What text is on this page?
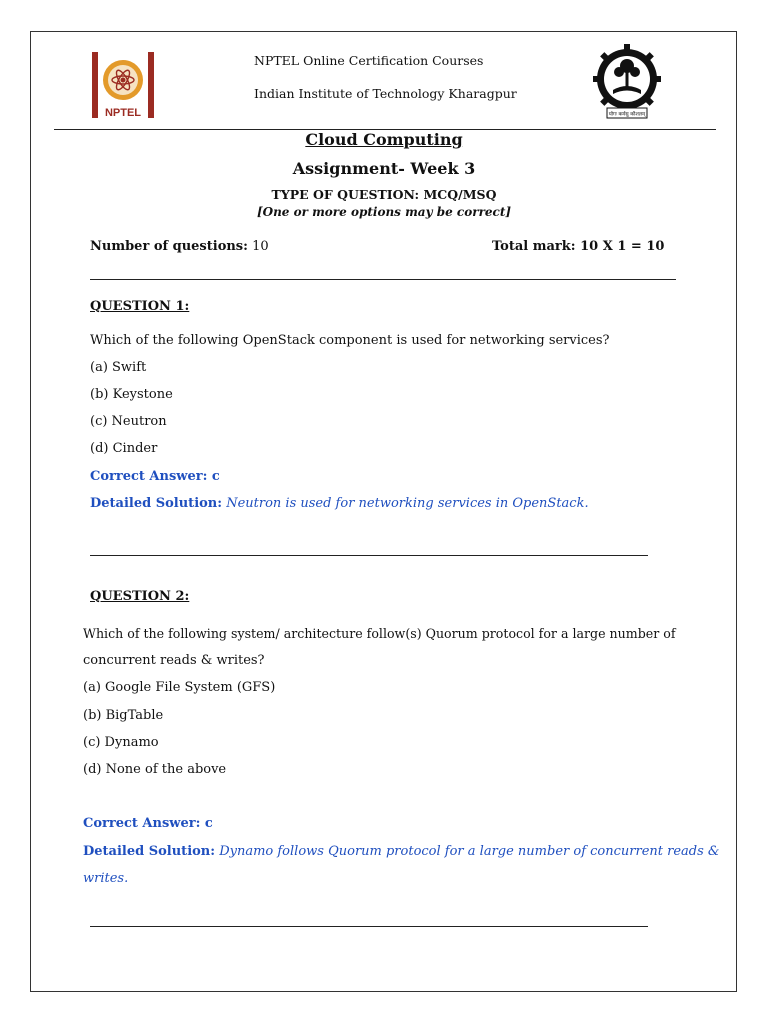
NPTEL
NPTEL Online Certification Courses
Indian Institute of Technology Kharagpur
योगः कर्मसु कौशलम्
Cloud Computing
Assignment- Week 3
TYPE OF QUESTION: MCQ/MSQ
[One or more options may be correct]
Number of questions: 10	Total mark: 10 X 1 = 10
QUESTION 1:
Which of the following OpenStack component is used for networking services?
(a) Swift
(b) Keystone
(c) Neutron
(d) Cinder
Correct Answer: c
Detailed Solution: Neutron is used for networking services in OpenStack.
QUESTION 2:
Which of the following system/ architecture follow(s) Quorum protocol for a large number of
concurrent reads & writes?
(a) Google File System (GFS)
(b) BigTable
(c) Dynamo
(d) None of the above
Correct Answer: c
Detailed Solution: Dynamo follows Quorum protocol for a large number of concurrent reads &
writes.
